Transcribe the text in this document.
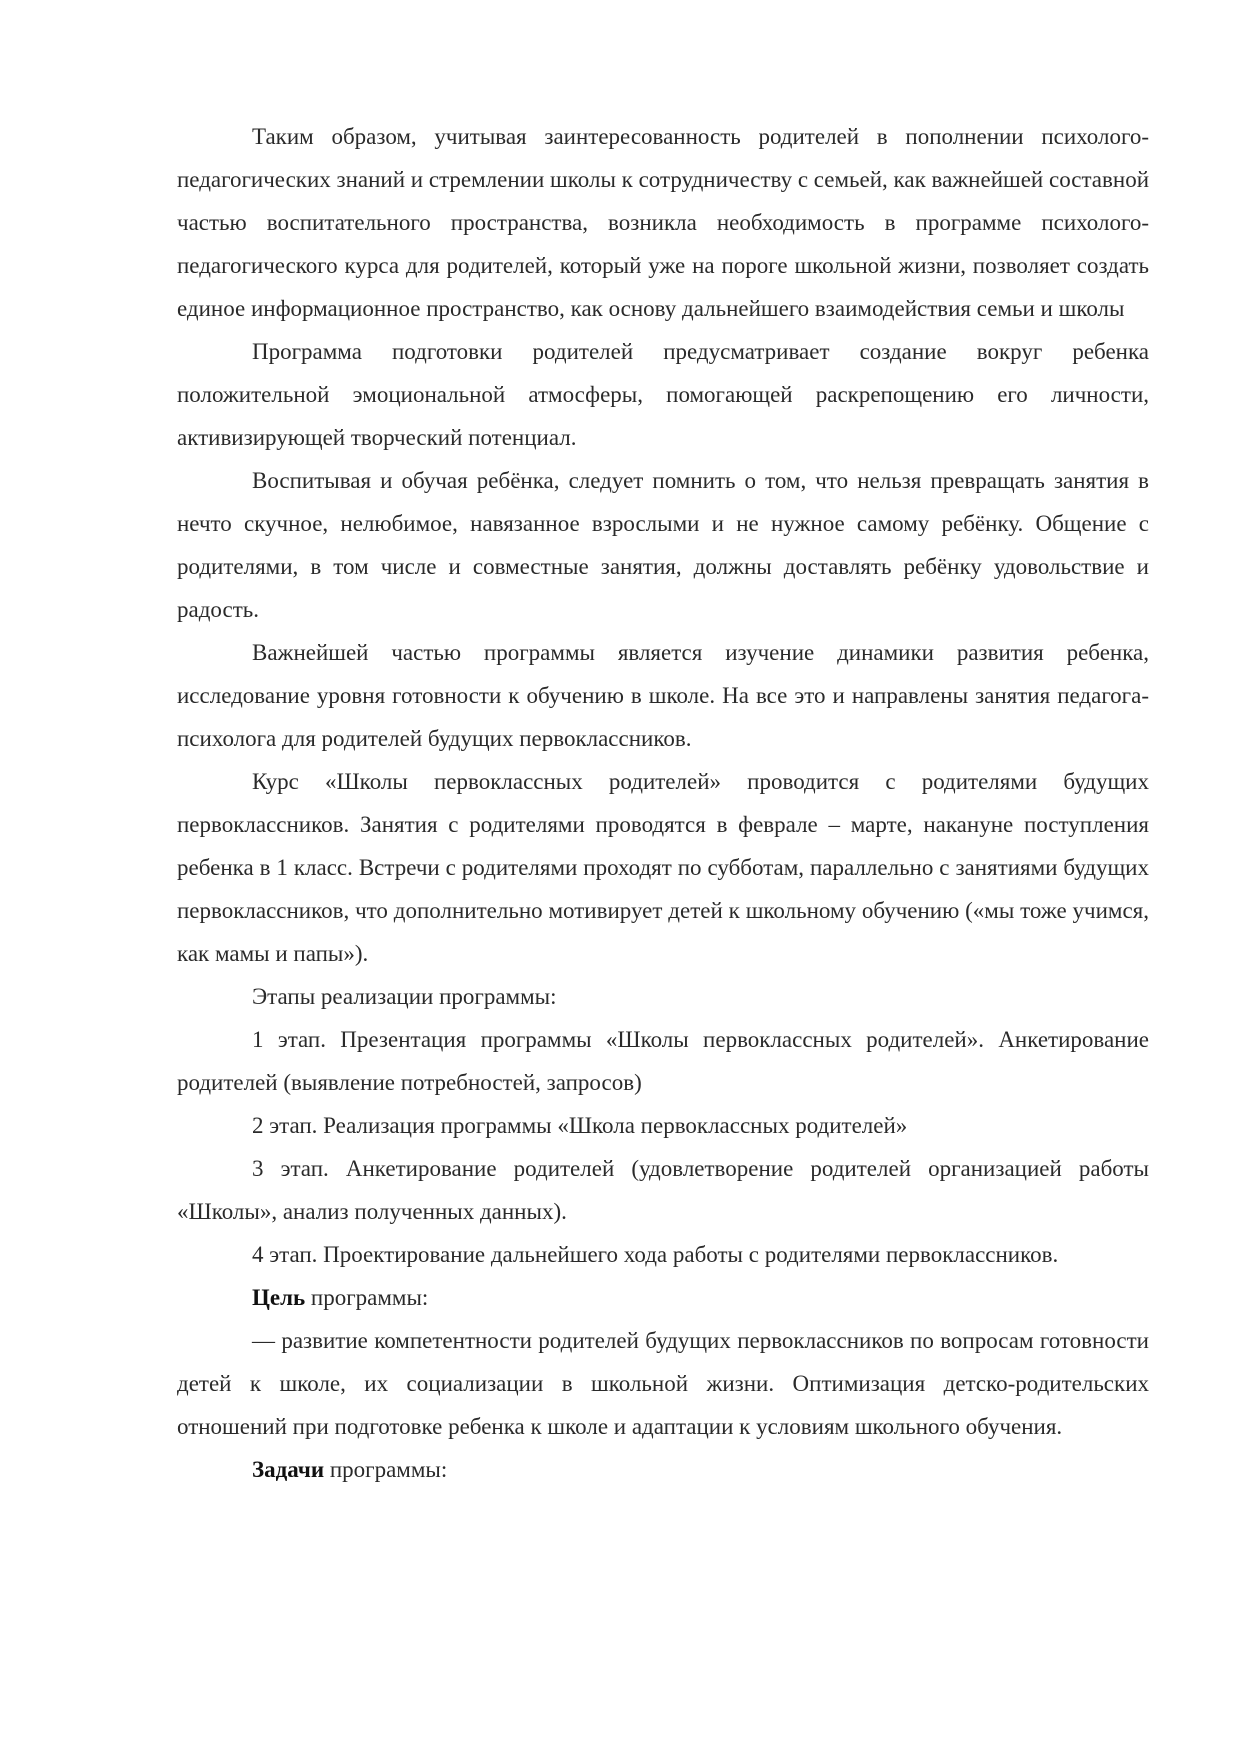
Таким образом, учитывая заинтересованность родителей в пополнении психолого-педагогических знаний и стремлении школы к сотрудничеству с семьей, как важнейшей составной частью воспитательного пространства, возникла необходимость в программе психолого-педагогического курса для родителей, который уже на пороге школьной жизни, позволяет создать единое информационное пространство, как основу дальнейшего взаимодействия семьи и школы

Программа подготовки родителей предусматривает создание вокруг ребенка положительной эмоциональной атмосферы, помогающей раскрепощению его личности, активизирующей творческий потенциал.

Воспитывая и обучая ребёнка, следует помнить о том, что нельзя превращать занятия в нечто скучное, нелюбимое, навязанное взрослыми и не нужное самому ребёнку. Общение с родителями, в том числе и совместные занятия, должны доставлять ребёнку удовольствие и радость.

Важнейшей частью программы является изучение динамики развития ребенка, исследование уровня готовности к обучению в школе. На все это и направлены занятия педагога-психолога для родителей будущих первоклассников.

Курс «Школы первоклассных родителей» проводится с родителями будущих первоклассников. Занятия с родителями проводятся в феврале – марте, накануне поступления ребенка в 1 класс. Встречи с родителями проходят по субботам, параллельно с занятиями будущих первоклассников, что дополнительно мотивирует детей к школьному обучению («мы тоже учимся, как мамы и папы»).

Этапы реализации программы:

1 этап. Презентация программы «Школы первоклассных родителей». Анкетирование родителей (выявление потребностей, запросов)

2 этап. Реализация программы «Школа первоклассных родителей»

3 этап. Анкетирование родителей (удовлетворение родителей организацией работы «Школы», анализ полученных данных).

4 этап. Проектирование дальнейшего хода работы с родителями первоклассников.

Цель программы:

— развитие компетентности родителей будущих первоклассников по вопросам готовности детей к школе, их социализации в школьной жизни. Оптимизация детско-родительских отношений при подготовке ребенка к школе и адаптации к условиям школьного обучения.

Задачи программы:
